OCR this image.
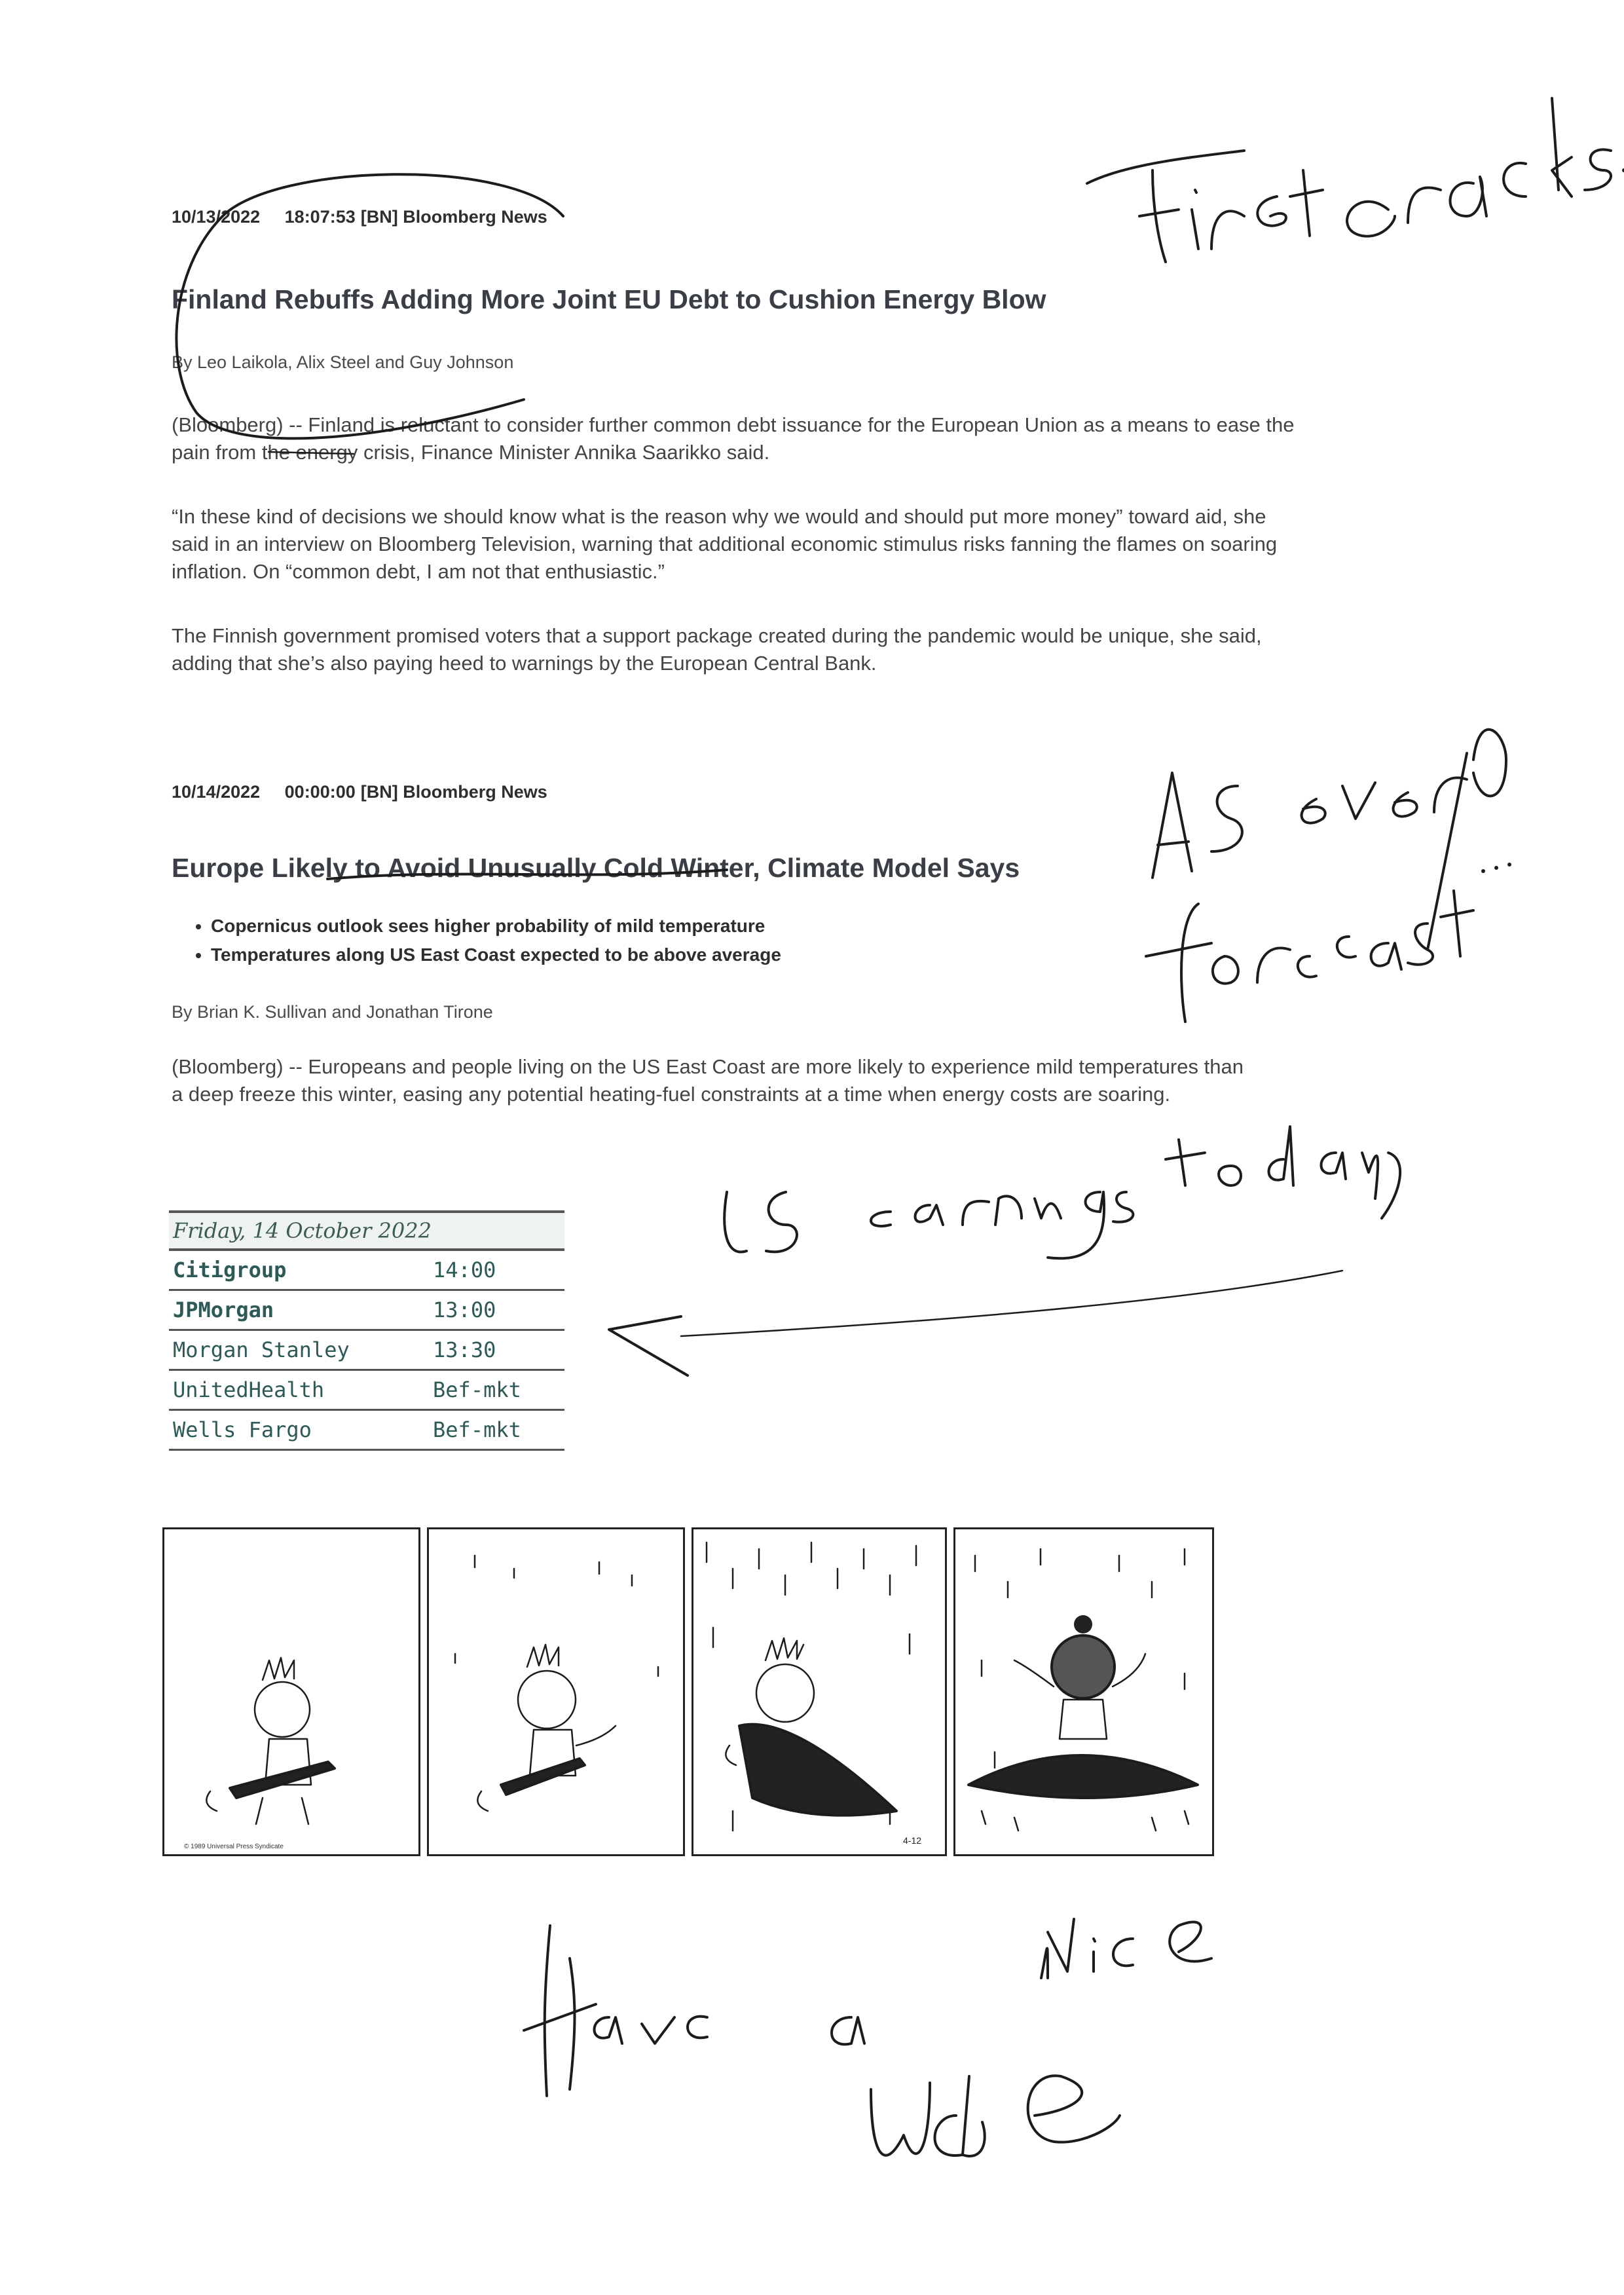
10/13/2022 18:07:53 [BN] Bloomberg News
Finland Rebuffs Adding More Joint EU Debt to Cushion Energy Blow
By Leo Laikola, Alix Steel and Guy Johnson
(Bloomberg) -- Finland is reluctant to consider further common debt issuance for the European Union as a means to ease the pain from the energy crisis, Finance Minister Annika Saarikko said.
“In these kind of decisions we should know what is the reason why we would and should put more money” toward aid, she said in an interview on Bloomberg Television, warning that additional economic stimulus risks fanning the flames on soaring inflation. On “common debt, I am not that enthusiastic.”
The Finnish government promised voters that a support package created during the pandemic would be unique, she said, adding that she’s also paying heed to warnings by the European Central Bank.
10/14/2022 00:00:00 [BN] Bloomberg News
Europe Likely to Avoid Unusually Cold Winter, Climate Model Says
• Copernicus outlook sees higher probability of mild temperature
• Temperatures along US East Coast expected to be above average
By Brian K. Sullivan and Jonathan Tirone
(Bloomberg) -- Europeans and people living on the US East Coast are more likely to experience mild temperatures than a deep freeze this winter, easing any potential heating-fuel constraints at a time when energy costs are soaring.
Friday, 14 October 2022	
Citigroup	14:00
JPMorgan	13:00
Morgan Stanley	13:30
UnitedHealth	Bef-mkt
Wells Fargo	Bef-mkt
© 1989 Universal Press Syndicate
4-12
